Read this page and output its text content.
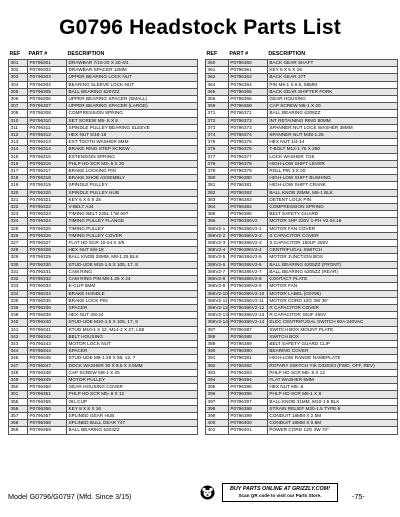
G0796 Headstock Parts List
REF	PART #	DESCRIPTION
301	P0796301	DRAWBAR 7/16-20 X 20-3/4
302	P0796302	DRAWBAR SPACER 12MM
303	P0796303	UPPER BEARING LOCK NUT
304	P0796304	BEARING SLEEVE LOCK NUT
305	P0796305	BALL BEARING 6207ZZ
306	P0796306	UPPER BEARING SPACER (SMALL)
307	P0796307	UPPER BEARING SPACER (LARGE)
308	P0796308	COMPRESSION SPRING
310	P0796310	SET SCREW M5-.8 X 8
311	P0796311	SPINDLE PULLEY BEARING SLEEVE
312	P0796312	HEX NUT 5/16-18
313	P0796313	EXT TOOTH WASHER 8MM
314	P0796314	BRAKE RING STEP SCREW
315	P0796315	EXTENSION SPRING
316	P0796316	PHLP HD SCR M3-.5 X 20
317	P0796317	BRAKE LOCKING PIN
318	P0796318	BRAKE SHOE ASSEMBLY
319	P0796319	SPINDLE PULLEY
320	P0796320	SPINDLE PULLEY HUB
321	P0796321	KEY 6 X 6 X 25
322	P0796322	V-BELT A34
323	P0796323	TIMING BELT 225L 1"W 60T
324	P0796324	TIMING PULLEY FLANGE
325	P0796325	TIMING PULLEY
326	P0796326	TIMING PULLEY COVER
327	P0796327	FLAT HD SCR 10-24 X 3/8
328	P0796328	HEX NUT 5/8-18
329	P0796329	BALL KNOB 28MM, M8-1.25 BLK
330	P0796330	STUD-UDE M10-1.5 X 105, 17, 8
331	P0796331	CAM RING
332	P0796332	CAM RING PIN M8-1.25 X 24
333	P0796333	E-CLIP 5MM
334	P0796334	BRAKE HANDLE
335	P0796335	BRAKE LOCK PIN
336	P0796336	SPACER
339	P0796339	HEX NUT 3/8-24
340	P0796340	STUD-UDE M10-1.5 X 105, 17, 8
341	P0796341	STUD M10-1 X 12, M14-2 X 27, L58
342	P0796342	BELT HOUSING
343	P0796343	MOTOR LOCK NUT
344	P0796344	SPACER
345	P0796345	STUD-UDE M8-1.25 X 58, 12, 7
347	P0796347	DOCK WASHER 30 X 8.5 X 3.5MM
348	P0796348	CAP SCREW M8-1 X 25
349	P0796349	MOTOR PULLEY
350	P0796350	GEAR HOUSING COVER
351	P0796351	PHLP HD SCR M5-.8 X 12
355	P0796355	OIL CUP
356	P0796356	KEY 8 X 8 X 16
357	P0796357	SPLINED GEAR HUB
358	P0796358	SPLINED BULL GEAR 74T
359	P0796359	BALL BEARING 6203ZZ
REF	PART #	DESCRIPTION
360	P0796360	BACK GEAR SHAFT
361	P0796361	KEY 5 X 5 X 15
362	P0796362	BACK GEAR 27T
364	P0796364	PIN M6-1 X 8.5, 58MM
365	P0796365	BACK GEAR SHIFTER FORK
366	P0796366	GEAR HOUSING
369	P0796369	CAP SCREW M6-1 X 20
371	P0796371	BALL BEARING 6208ZZ
372	P0796372	INT RETAINING RING 80MM
373	P0796373	SPANNER NUT LOCK WASHER 38MM
374	P0796374	SPANNER NUT M38-1.25
375	P0796375	HEX NUT 1/4-14
376	P0796376	T-BOLT M12-1.75 X 250
377	P0796377	LOCK WASHER 7/16
378	P0796378	HIGH-LOW SHIFT LEVER
379	P0796379	ROLL PIN 3 X 20
380	P0796380	HIGH-LOW SHIFT BUSHING
381	P0796381	HIGH-LOW SHIFT CRANK
382	P0796382	BALL KNOB 28MM, M6-1 BLK
383	P0796383	DETENT LOCK PIN
384	P0796384	COMPRESSION SPRING
385	P0796385	BELT SAFETY GUARD
386	P0796386V2	MOTOR 3HP 220V 1-PH V2.04.18
386V2-1	P0796386V2-1	MOTOR FAN COVER
386V2-2	P0796386V2-2	S CAPACITOR COVER
386V2-3	P0796386V2-3	S CAPACITOR 150UF 250V
386V2-4	P0796386V2-4	CENTRIFUGAL SWITCH
386V2-5	P0796386V2-5	MOTOR JUNCTION BOX
386V2-6	P0796386V2-6	BALL BEARING 6205ZZ (FRONT)
386V2-7	P0796386V2-7	BALL BEARING 6205ZZ (REAR)
386V2-8	P0796386V2-8	CONTACT PLATE
386V2-9	P0796386V2-9	MOTOR FAN
386V2-10	P0796386V2-10	MOTOR LABEL (G0796)
386V2-11	P0796386V2-11	MOTOR CORD 12G 3W 36"
386V2-12	P0796386V2-12	R CAPACITOR COVER
386V2-13	P0796386V2-13	R CAPACITOR 40UF 450V
386V2-14	P0796386V2-14	ELEC CENTRIFUGAL SWITCH 60A 240VAC
387	P0796387	SWITCH BOX MOUNT PLATE
388	P0796388	SWITCH BOX
389	P0796389	BELT SAFETY GUARD CLIP
390	P0796390	BEARING COVER
391	P0796391	HIGH-LOW RANGE NAMEPLATE
392	P0796392	ROTARY SWITCH YIK D3203/3 (FWD, OFF, REV)
393	P0796393	PHLP HD SCR M5-.8 X 12
394	P0796394	FLAT WASHER 5MM
395	P0796395	HEX NUT M5-.8
396	P0796396	PHLP HD SCR M6-1 X 8
397	P0796397	BALL KNOB 31MM, M10-1.5 BLK
398	P0796398	STRAIN RELIEF M20-1.5 TYPE-5
399	P0796399	CONDUIT 18MM X 2.5M
400	P0796400	CONDUIT 18MM X 0.5M
401	P0796401	POWER CORD 12G 3W 72"
Model G0796/G0797 (Mfd. Since 3/15)
BUY PARTS ONLINE AT GRIZZLY.COM!
Scan QR code to visit our Parts Store.	-75-
